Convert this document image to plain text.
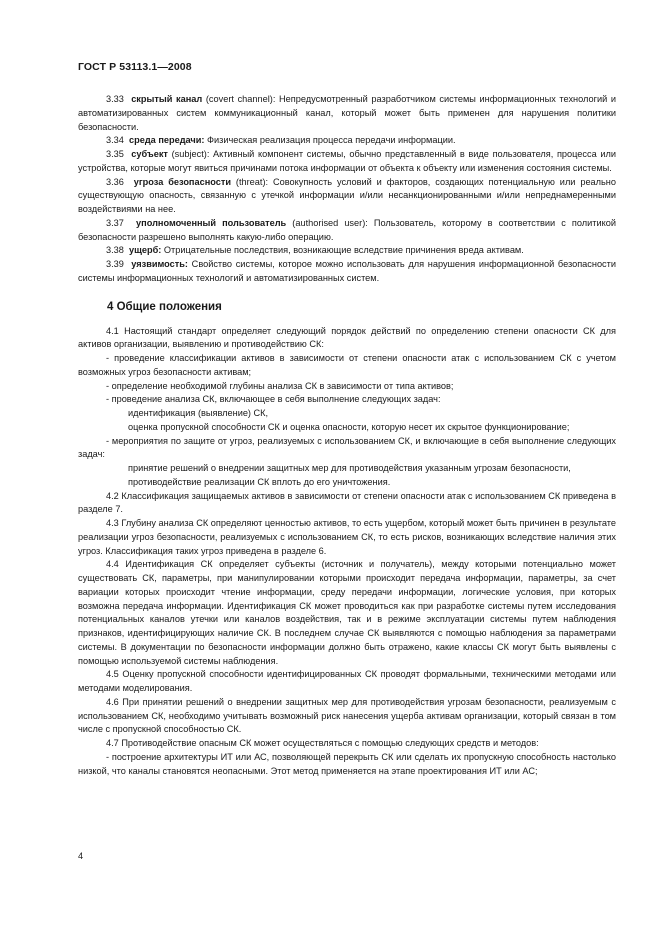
ГОСТ Р 53113.1—2008

3.33 скрытый канал (covert channel): Непредусмотренный разработчиком системы информационных технологий и автоматизированных систем коммуникационный канал, который может быть применен для нарушения политики безопасности.

3.34 среда передачи: Физическая реализация процесса передачи информации.

3.35 субъект (subject): Активный компонент системы, обычно представленный в виде пользователя, процесса или устройства, которые могут явиться причинами потока информации от объекта к объекту или изменения состояния системы.

3.36 угроза безопасности (threat): Совокупность условий и факторов, создающих потенциальную или реально существующую опасность, связанную с утечкой информации и/или несанкционированными и/или непреднамеренными воздействиями на нее.

3.37 уполномоченный пользователь (authorised user): Пользователь, которому в соответствии с политикой безопасности разрешено выполнять какую-либо операцию.

3.38 ущерб: Отрицательные последствия, возникающие вследствие причинения вреда активам.

3.39 уязвимость: Свойство системы, которое можно использовать для нарушения информационной безопасности системы информационных технологий и автоматизированных систем.

4 Общие положения

4.1 Настоящий стандарт определяет следующий порядок действий по определению степени опасности СК для активов организации, выявлению и противодействию СК:

- проведение классификации активов в зависимости от степени опасности атак с использованием СК с учетом возможных угроз безопасности активам;

- определение необходимой глубины анализа СК в зависимости от типа активов;

- проведение анализа СК, включающее в себя выполнение следующих задач:

идентификация (выявление) СК,

оценка пропускной способности СК и оценка опасности, которую несет их скрытое функционирование;

- мероприятия по защите от угроз, реализуемых с использованием СК, и включающие в себя выполнение следующих задач:

принятие решений о внедрении защитных мер для противодействия указанным угрозам безопасности,

противодействие реализации СК вплоть до его уничтожения.

4.2 Классификация защищаемых активов в зависимости от степени опасности атак с использованием СК приведена в разделе 7.

4.3 Глубину анализа СК определяют ценностью активов, то есть ущербом, который может быть причинен в результате реализации угроз безопасности, реализуемых с использованием СК, то есть рисков, возникающих вследствие наличия этих угроз. Классификация таких угроз приведена в разделе 6.

4.4 Идентификация СК определяет субъекты (источник и получатель), между которыми потенциально может существовать СК, параметры, при манипулировании которыми происходит передача информации, параметры, за счет вариации которых происходит чтение информации, среду передачи информации, логические условия, при которых возможна передача информации. Идентификация СК может проводиться как при разработке системы путем исследования потенциальных каналов утечки или каналов воздействия, так и в режиме эксплуатации системы путем наблюдения признаков, идентифицирующих наличие СК. В последнем случае СК выявляются с помощью наблюдения за параметрами системы. В документации по безопасности информации должно быть отражено, какие классы СК могут быть выявлены с помощью используемой системы наблюдения.

4.5 Оценку пропускной способности идентифицированных СК проводят формальными, техническими методами или методами моделирования.

4.6 При принятии решений о внедрении защитных мер для противодействия угрозам безопасности, реализуемым с использованием СК, необходимо учитывать возможный риск нанесения ущерба активам организации, который связан в том числе с пропускной способностью СК.

4.7 Противодействие опасным СК может осуществляться с помощью следующих средств и методов:

- построение архитектуры ИТ или АС, позволяющей перекрыть СК или сделать их пропускную способность настолько низкой, что каналы становятся неопасными. Этот метод применяется на этапе проектирования ИТ или АС;

4
